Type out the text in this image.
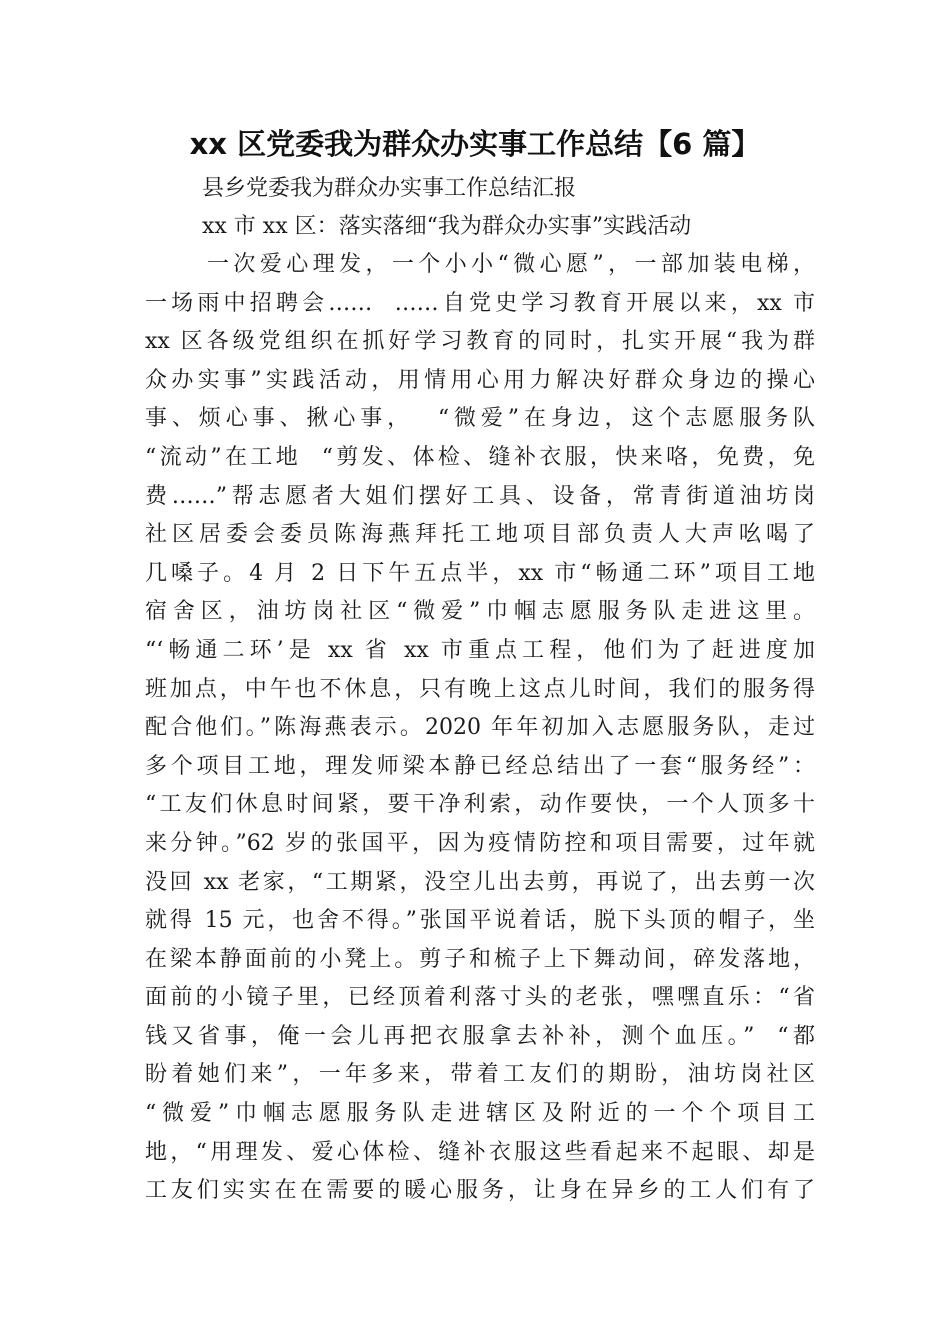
xx 区党委我为群众办实事工作总结【6 篇】
县乡党委我为群众办实事工作总结汇报
xx 市 xx 区：落实落细“我为群众办实事”实践活动
一次爱心理发，一个小小“微心愿”，一部加装电梯，
一场雨中招聘会……  ……自党史学习教育开展以来，xx 市
xx 区各级党组织在抓好学习教育的同时，扎实开展“我为群
众办实事”实践活动，用情用心用力解决好群众身边的操心
事、烦心事、揪心事，  “微爱”在身边，这个志愿服务队
“流动”在工地  “剪发、体检、缝补衣服，快来咯，免费，免
费……”帮志愿者大姐们摆好工具、设备，常青街道油坊岗
社区居委会委员陈海燕拜托工地项目部负责人大声吆喝了
几嗓子。4 月 2 日下午五点半，xx 市“畅通二环”项目工地
宿舍区，油坊岗社区“微爱”巾帼志愿服务队走进这里。
“‘畅通二环’是 xx 省 xx 市重点工程，他们为了赶进度加
班加点，中午也不休息，只有晚上这点儿时间，我们的服务得
配合他们。”陈海燕表示。2020 年年初加入志愿服务队，走过
多个项目工地，理发师梁本静已经总结出了一套“服务经”：
“工友们休息时间紧，要干净利索，动作要快，一个人顶多十
来分钟。”62 岁的张国平，因为疫情防控和项目需要，过年就
没回 xx 老家，“工期紧，没空儿出去剪，再说了，出去剪一次
就得 15 元，也舍不得。”张国平说着话，脱下头顶的帽子，坐
在梁本静面前的小凳上。剪子和梳子上下舞动间，碎发落地，
面前的小镜子里，已经顶着利落寸头的老张，嘿嘿直乐：“省
钱又省事，俺一会儿再把衣服拿去补补，测个血压。”  “都
盼着她们来”，一年多来，带着工友们的期盼，油坊岗社区
“微爱”巾帼志愿服务队走进辖区及附近的一个个项目工
地，“用理发、爱心体检、缝补衣服这些看起来不起眼、却是
工友们实实在在需要的暖心服务，让身在异乡的工人们有了
